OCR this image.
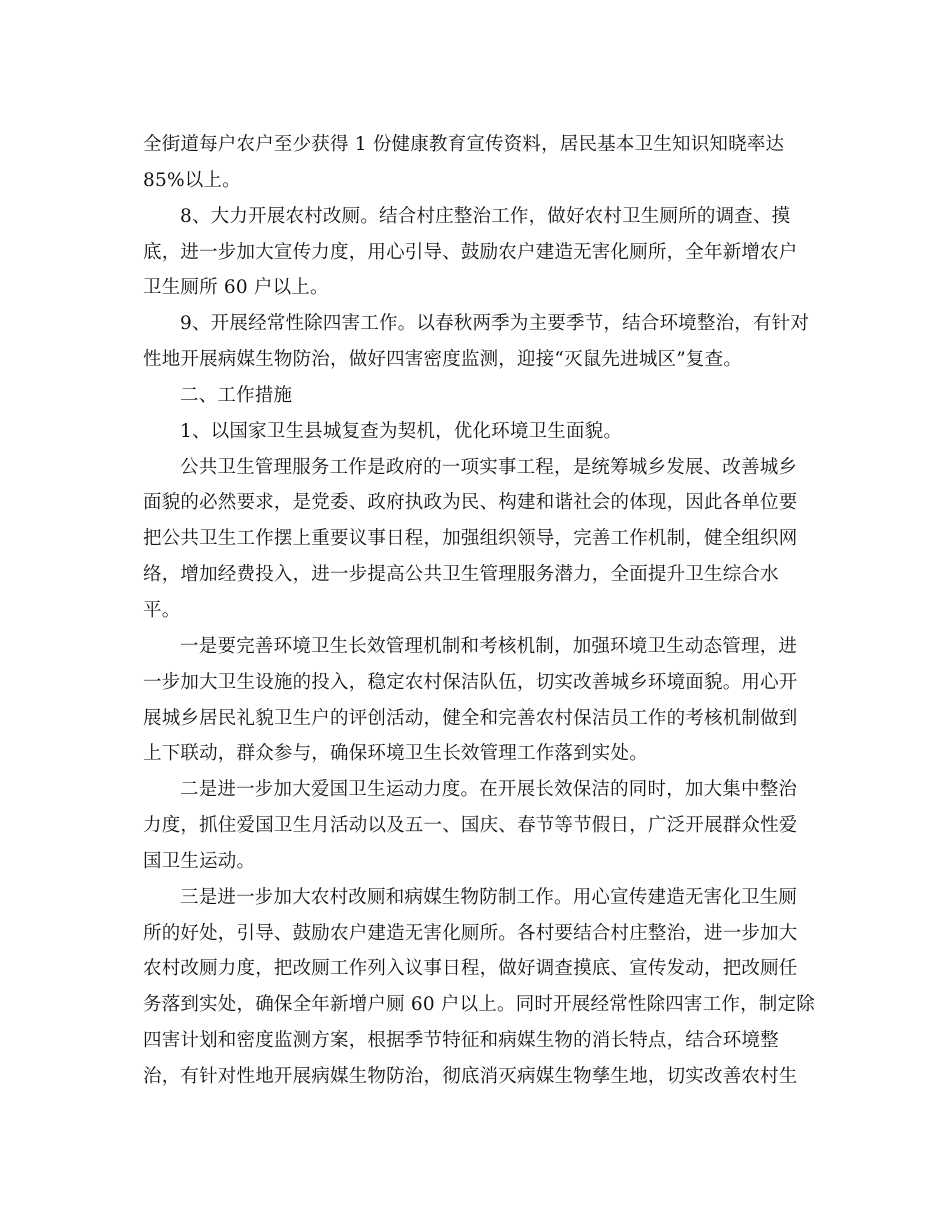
全街道每户农户至少获得 1 份健康教育宣传资料，居民基本卫生知识知晓率达
85%以上。
8、大力开展农村改厕。结合村庄整治工作，做好农村卫生厕所的调查、摸
底，进一步加大宣传力度，用心引导、鼓励农户建造无害化厕所，全年新增农户
卫生厕所 60 户以上。
9、开展经常性除四害工作。以春秋两季为主要季节，结合环境整治，有针对
性地开展病媒生物防治，做好四害密度监测，迎接“灭鼠先进城区”复查。
二、工作措施
1、以国家卫生县城复查为契机，优化环境卫生面貌。
公共卫生管理服务工作是政府的一项实事工程，是统筹城乡发展、改善城乡
面貌的必然要求，是党委、政府执政为民、构建和谐社会的体现，因此各单位要
把公共卫生工作摆上重要议事日程，加强组织领导，完善工作机制，健全组织网
络，增加经费投入，进一步提高公共卫生管理服务潜力，全面提升卫生综合水
平。
一是要完善环境卫生长效管理机制和考核机制，加强环境卫生动态管理，进
一步加大卫生设施的投入，稳定农村保洁队伍，切实改善城乡环境面貌。用心开
展城乡居民礼貌卫生户的评创活动，健全和完善农村保洁员工作的考核机制做到
上下联动，群众参与，确保环境卫生长效管理工作落到实处。
二是进一步加大爱国卫生运动力度。在开展长效保洁的同时，加大集中整治
力度，抓住爱国卫生月活动以及五一、国庆、春节等节假日，广泛开展群众性爱
国卫生运动。
三是进一步加大农村改厕和病媒生物防制工作。用心宣传建造无害化卫生厕
所的好处，引导、鼓励农户建造无害化厕所。各村要结合村庄整治，进一步加大
农村改厕力度，把改厕工作列入议事日程，做好调查摸底、宣传发动，把改厕任
务落到实处，确保全年新增户厕 60 户以上。同时开展经常性除四害工作，制定除
四害计划和密度监测方案，根据季节特征和病媒生物的消长特点，结合环境整
治，有针对性地开展病媒生物防治，彻底消灭病媒生物孳生地，切实改善农村生
